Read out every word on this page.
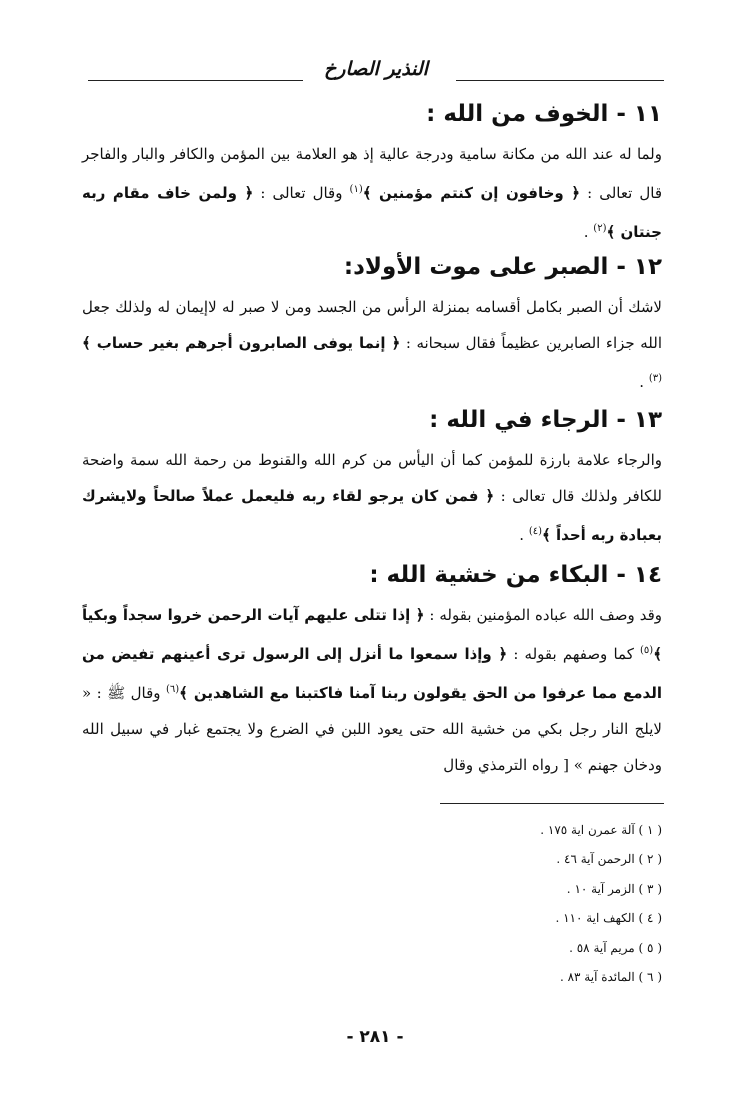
النذير الصارخ
١١ - الخوف من الله :
ولما له عند الله من مكانة سامية ودرجة عالية إذ هو العلامة بين المؤمن والكافر والبار والفاجر قال تعالى : ﴿ وخافون إن كنتم مؤمنين ﴾$^{(١)}$ وقال تعالى : ﴿ ولمن خاف مقام ربه جنتان ﴾$^{(٢)}$ .
١٢ - الصبر على موت الأولاد:
لاشك أن الصبر بكامل أقسامه بمنزلة الرأس من الجسد ومن لا صبر له لاإيمان له ولذلك جعل الله جزاء الصابرين عظيماً فقال سبحانه : ﴿ إنما يوفى الصابرون أجرهم بغير حساب ﴾$^{(٣)}$ .
١٣ - الرجاء في الله :
والرجاء علامة بارزة للمؤمن كما أن اليأس من كرم الله والقنوط من رحمة الله سمة واضحة للكافر ولذلك قال تعالى : ﴿ فمن كان يرجو لقاء ربه فليعمل عملاً صالحاً ولايشرك بعبادة ربه أحداً ﴾$^{(٤)}$ .
١٤ - البكاء من خشية الله :
وقد وصف الله عباده المؤمنين بقوله : ﴿ إذا تتلى عليهم آيات الرحمن خروا سجداً وبكياً ﴾$^{(٥)}$ كما وصفهم بقوله : ﴿ وإذا سمعوا ما أنزل إلى الرسول ترى أعينهم تفيض من الدمع مما عرفوا من الحق يقولون ربنا آمنا فاكتبنا مع الشاهدين ﴾$^{(٦)}$ وقال ﷺ : « لايلج النار رجل بكي من خشية الله حتى يعود اللبن في الضرع ولا يجتمع غبار في سبيل الله ودخان جهنم » [ رواه الترمذي وقال
( ١ ) آلة عمرن اية ١٧٥ .
( ٢ ) الرحمن آية ٤٦ .
( ٣ ) الزمر آية ١٠ .
( ٤ ) الكهف اية ١١٠ .
( ٥ ) مريم آية ٥٨ .
( ٦ ) المائدة آية ٨٣ .
- ٢٨١ -
